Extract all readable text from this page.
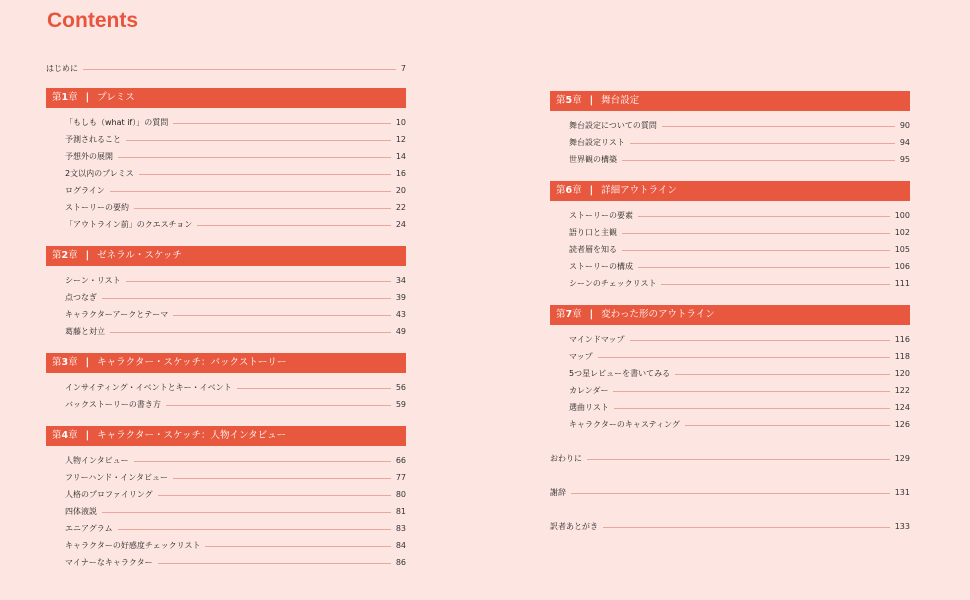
Contents
はじめに	7
第1章 | プレミス
「もしも（what if）」の質問	10
予測されること	12
予想外の展開	14
2文以内のプレミス	16
ログライン	20
ストーリーの要約	22
「アウトライン前」のクエスチョン	24
第2章 | ゼネラル・スケッチ
シーン・リスト	34
点つなぎ	39
キャラクターアークとテーマ	43
葛藤と対立	49
第3章 | キャラクター・スケッチ：バックストーリー
インサイティング・イベントとキー・イベント	56
バックストーリーの書き方	59
第4章 | キャラクター・スケッチ：人物インタビュー
人物インタビュー	66
フリーハンド・インタビュー	77
人格のプロファイリング	80
四体液説	81
エニアグラム	83
キャラクターの好感度チェックリスト	84
マイナーなキャラクター	86
第5章 | 舞台設定
舞台設定についての質問	90
舞台設定リスト	94
世界観の構築	95
第6章 | 詳細アウトライン
ストーリーの要素	100
語り口と主観	102
読者層を知る	105
ストーリーの構成	106
シーンのチェックリスト	111
第7章 | 変わった形のアウトライン
マインドマップ	116
マップ	118
5つ星レビューを書いてみる	120
カレンダー	122
選曲リスト	124
キャラクターのキャスティング	126
おわりに	129
謝辞	131
訳者あとがき	133
